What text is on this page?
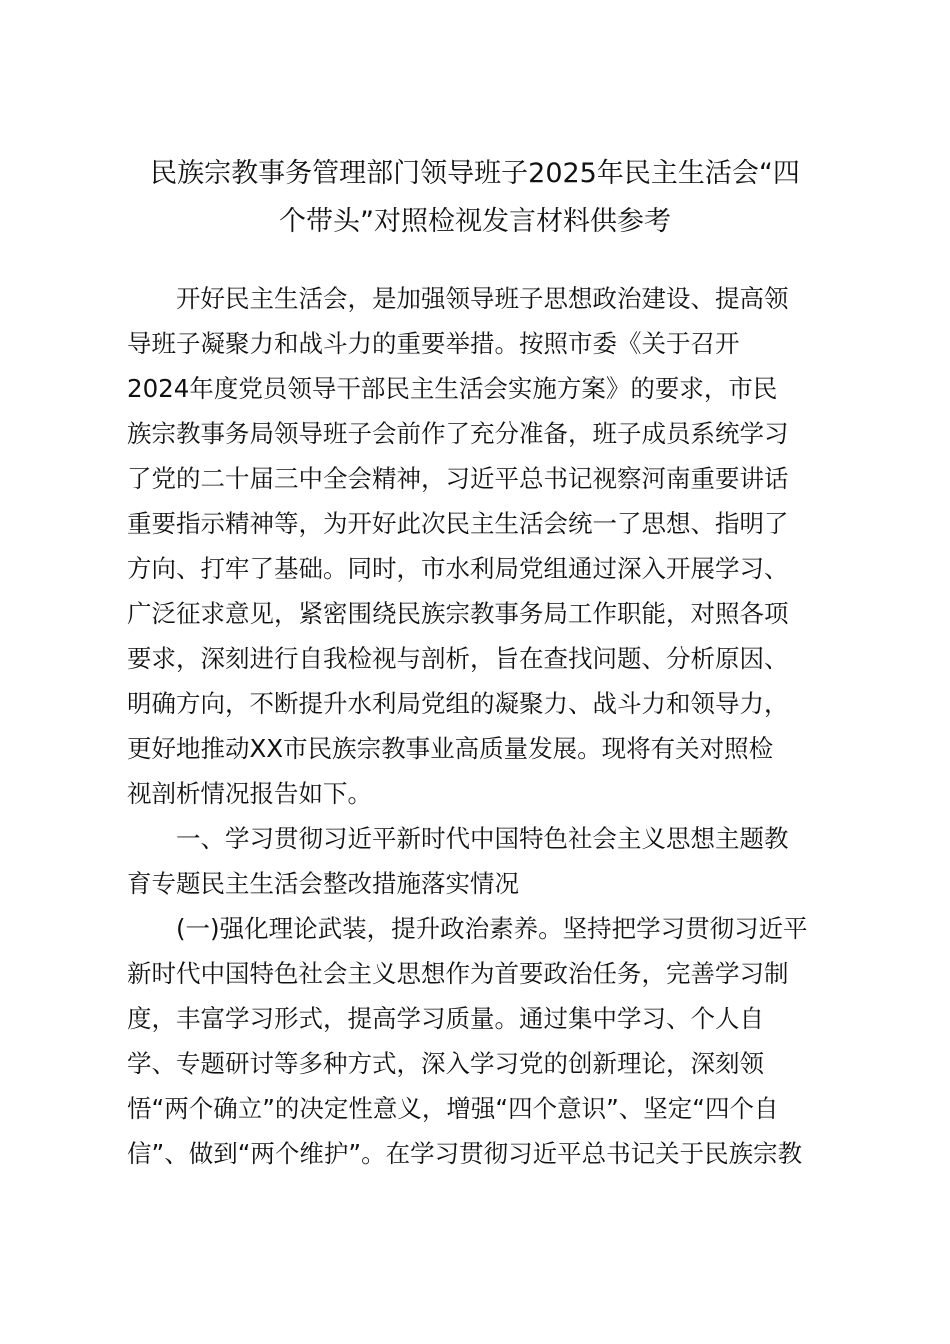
民族宗教事务管理部门领导班子2025年民主生活会“四
个带头”对照检视发言材料供参考
开好民主生活会，是加强领导班子思想政治建设、提高领
导班子凝聚力和战斗力的重要举措。按照市委《关于召开
2024年度党员领导干部民主生活会实施方案》的要求，市民
族宗教事务局领导班子会前作了充分准备，班子成员系统学习
了党的二十届三中全会精神，习近平总书记视察河南重要讲话
重要指示精神等，为开好此次民主生活会统一了思想、指明了
方向、打牢了基础。同时，市水利局党组通过深入开展学习、
广泛征求意见，紧密围绕民族宗教事务局工作职能，对照各项
要求，深刻进行自我检视与剖析，旨在查找问题、分析原因、
明确方向，不断提升水利局党组的凝聚力、战斗力和领导力，
更好地推动XX市民族宗教事业高质量发展。现将有关对照检
视剖析情况报告如下。
一、学习贯彻习近平新时代中国特色社会主义思想主题教
育专题民主生活会整改措施落实情况
(一)强化理论武装，提升政治素养。坚持把学习贯彻习近平
新时代中国特色社会主义思想作为首要政治任务，完善学习制
度，丰富学习形式，提高学习质量。通过集中学习、个人自
学、专题研讨等多种方式，深入学习党的创新理论，深刻领
悟“两个确立”的决定性意义，增强“四个意识”、坚定“四个自
信”、做到“两个维护”。在学习贯彻习近平总书记关于民族宗教
